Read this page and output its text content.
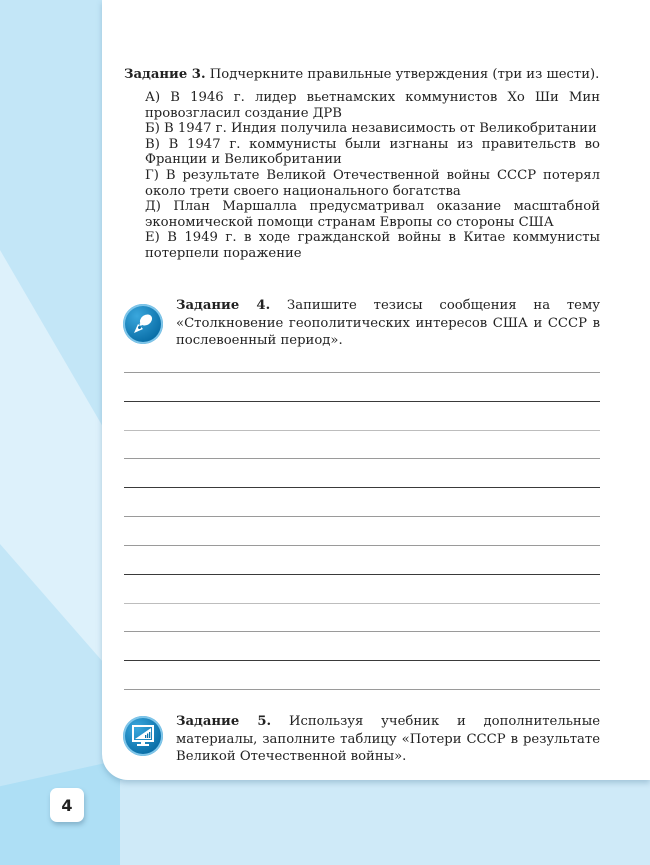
Задание 3. Подчеркните правильные утверждения (три из шести).
А) В 1946 г. лидер вьетнамских коммунистов Хо Ши Мин провозгласил создание ДРВ
Б) В 1947 г. Индия получила независимость от Великобритании
В) В 1947 г. коммунисты были изгнаны из правительств во Франции и Великобритании
Г) В результате Великой Отечественной войны СССР потерял около трети своего национального богатства
Д) План Маршалла предусматривал оказание масштабной экономической помощи странам Европы со стороны США
Е) В 1949 г. в ходе гражданской войны в Китае коммунисты потерпели поражение
Задание 4. Запишите тезисы сообщения на тему «Столкновение геополитических интересов США и СССР в послевоенный период».
Задание 5. Используя учебник и дополнительные материалы, заполните таблицу «Потери СССР в результате Великой Отечественной войны».
4
